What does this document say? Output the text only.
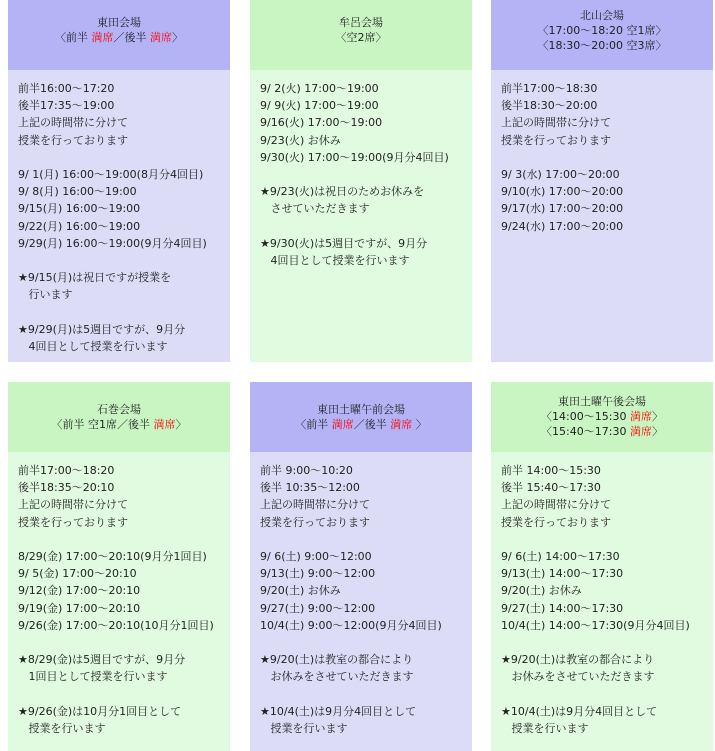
東田会場
〈前半 満席／後半 満席〉
前半16:00～17:20
後半17:35～19:00
上記の時間帯に分けて
授業を行っております
9/ 1(月) 16:00～19:00(8月分4回目)
9/ 8(月) 16:00～19:00
9/15(月) 16:00～19:00
9/22(月) 16:00～19:00
9/29(月) 16:00～19:00(9月分4回目)
★9/15(月)は祝日ですが授業を
行います
★9/29(月)は5週目ですが、9月分
4回目として授業を行います
牟呂会場
〈空2席〉
9/ 2(火) 17:00～19:00
9/ 9(火) 17:00～19:00
9/16(火) 17:00～19:00
9/23(火) お休み
9/30(火) 17:00～19:00(9月分4回目)
★9/23(火)は祝日のためお休みを
させていただきます
★9/30(火)は5週目ですが、9月分
4回目として授業を行います
北山会場
〈17:00～18:20 空1席〉
〈18:30～20:00 空3席〉
前半17:00～18:30
後半18:30～20:00
上記の時間帯に分けて
授業を行っております
9/ 3(水) 17:00～20:00
9/10(水) 17:00～20:00
9/17(水) 17:00～20:00
9/24(水) 17:00～20:00
石巻会場
〈前半 空1席／後半 満席〉
前半17:00～18:20
後半18:35～20:10
上記の時間帯に分けて
授業を行っております
8/29(金) 17:00～20:10(9月分1回目)
9/ 5(金) 17:00～20:10
9/12(金) 17:00～20:10
9/19(金) 17:00～20:10
9/26(金) 17:00～20:10(10月分1回目)
★8/29(金)は5週目ですが、9月分
1回目として授業を行います
★9/26(金)は10月分1回目として
授業を行います
東田土曜午前会場
〈前半 満席／後半 満席 〉
前半 9:00～10:20
後半 10:35～12:00
上記の時間帯に分けて
授業を行っております
9/ 6(土) 9:00～12:00
9/13(土) 9:00～12:00
9/20(土) お休み
9/27(土) 9:00～12:00
10/4(土) 9:00～12:00(9月分4回目)
★9/20(土)は教室の都合により
お休みをさせていただきます
★10/4(土)は9月分4回目として
授業を行います
東田土曜午後会場
〈14:00～15:30 満席〉
〈15:40～17:30 満席〉
前半 14:00～15:30
後半 15:40～17:30
上記の時間帯に分けて
授業を行っております
9/ 6(土) 14:00～17:30
9/13(土) 14:00～17:30
9/20(土) お休み
9/27(土) 14:00～17:30
10/4(土) 14:00～17:30(9月分4回目)
★9/20(土)は教室の都合により
お休みをさせていただきます
★10/4(土)は9月分4回目として
授業を行います
